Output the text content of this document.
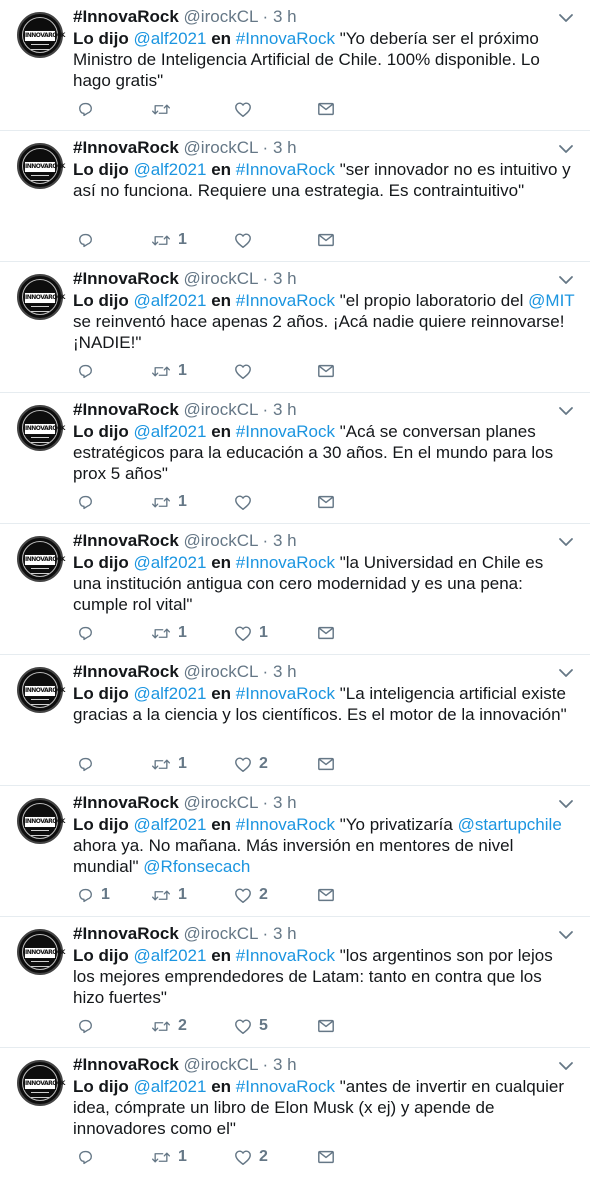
INNOVAROCK
#InnovaRock @irockCL · 3 h
Lo dijo @alf2021 en #InnovaRock "Yo debería ser el próximo Ministro de Inteligencia Artificial de Chile. 100% disponible. Lo hago gratis"
INNOVAROCK
#InnovaRock @irockCL · 3 h
Lo dijo @alf2021 en #InnovaRock "ser innovador no es intuitivo y así no funciona. Requiere una estrategia. Es contraintuitivo"
1
INNOVAROCK
#InnovaRock @irockCL · 3 h
Lo dijo @alf2021 en #InnovaRock "el propio laboratorio del @MIT se reinventó hace apenas 2 años. ¡Acá nadie quiere reinnovarse! ¡NADIE!"
1
INNOVAROCK
#InnovaRock @irockCL · 3 h
Lo dijo @alf2021 en #InnovaRock "Acá se conversan planes estratégicos para la educación a 30 años. En el mundo para los prox 5 años"
1
INNOVAROCK
#InnovaRock @irockCL · 3 h
Lo dijo @alf2021 en #InnovaRock "la Universidad en Chile es una institución antigua con cero modernidad y es una pena: cumple rol vital"
1	1
INNOVAROCK
#InnovaRock @irockCL · 3 h
Lo dijo @alf2021 en #InnovaRock "La inteligencia artificial existe gracias a la ciencia y los científicos. Es el motor de la innovación"
1	2
INNOVAROCK
#InnovaRock @irockCL · 3 h
Lo dijo @alf2021 en #InnovaRock "Yo privatizaría @startupchile ahora ya. No mañana. Más inversión en mentores de nivel mundial" @Rfonsecach
1	1	2
INNOVAROCK
#InnovaRock @irockCL · 3 h
Lo dijo @alf2021 en #InnovaRock "los argentinos son por lejos los mejores emprendedores de Latam: tanto en contra que los hizo fuertes"
2	5
INNOVAROCK
#InnovaRock @irockCL · 3 h
Lo dijo @alf2021 en #InnovaRock "antes de invertir en cualquier idea, cómprate un libro de Elon Musk (x ej) y apende de innovadores como el"
1	2
